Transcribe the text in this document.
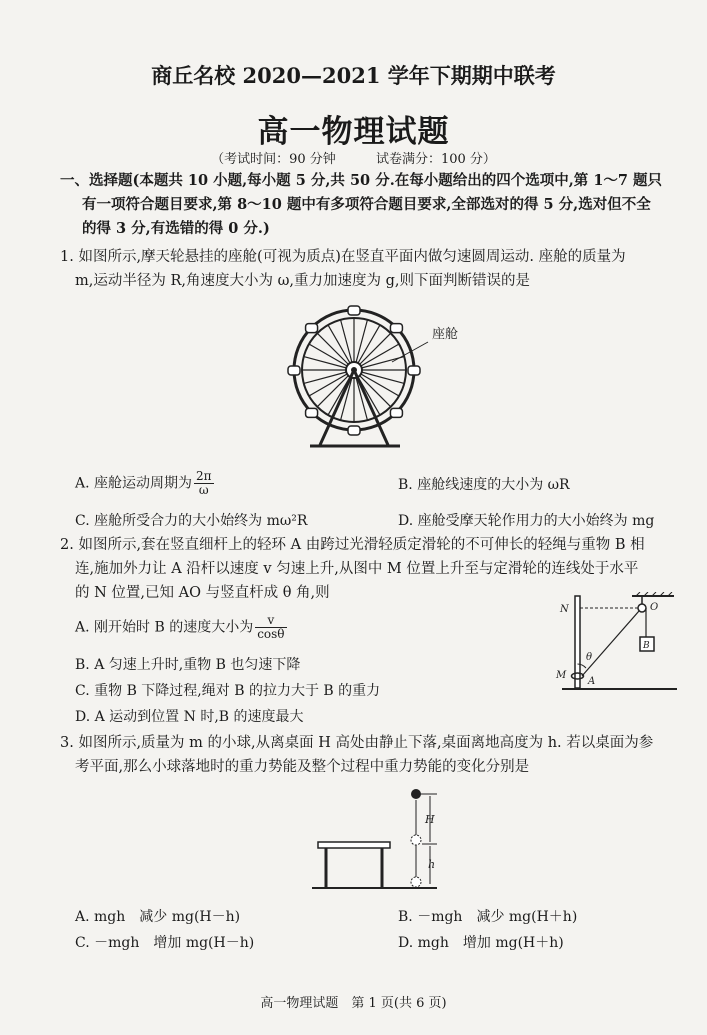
商丘名校 2020—2021 学年下期期中联考
高一物理试题
（考试时间：90 分钟	试卷满分：100 分）
一、选择题(本题共 10 小题,每小题 5 分,共 50 分.在每小题给出的四个选项中,第 1～7 题只
有一项符合题目要求,第 8～10 题中有多项符合题目要求,全部选对的得 5 分,选对但不全
的得 3 分,有选错的得 0 分.)
1. 如图所示,摩天轮悬挂的座舱(可视为质点)在竖直平面内做匀速圆周运动. 座舱的质量为
m,运动半径为 R,角速度大小为 ω,重力加速度为 g,则下面判断错误的是
座舱
A. 座舱运动周期为 $\frac{2\pi}{\omega}$	B. 座舱线速度的大小为 ωR
C. 座舱所受合力的大小始终为 mω²R	D. 座舱受摩天轮作用力的大小始终为 mg
2. 如图所示,套在竖直细杆上的轻环 A 由跨过光滑轻质定滑轮的不可伸长的轻绳与重物 B 相
连,施加外力让 A 沿杆以速度 v 匀速上升,从图中 M 位置上升至与定滑轮的连线处于水平
的 N 位置,已知 AO 与竖直杆成 θ 角,则
A. 刚开始时 B 的速度大小为 $\frac{v}{\cos\theta}$
B. A 匀速上升时,重物 B 也匀速下降
C. 重物 B 下降过程,绳对 B 的拉力大于 B 的重力
D. A 运动到位置 N 时,B 的速度最大
N	O
B
θ
M
A
3. 如图所示,质量为 m 的小球,从离桌面 H 高处由静止下落,桌面离地高度为 h. 若以桌面为参
考平面,那么小球落地时的重力势能及整个过程中重力势能的变化分别是
H
h
A. mgh　减少 mg(H－h)	B. －mgh　减少 mg(H＋h)
C. －mgh　增加 mg(H－h)	D. mgh　增加 mg(H＋h)
高一物理试题　第 1 页(共 6 页)
